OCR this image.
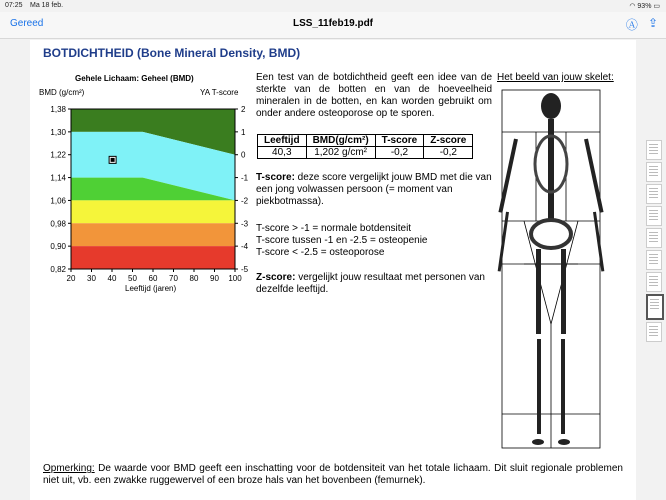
07:25 Ma 18 feb.	◠ 93% ▭
Gereed	LSS_11feb19.pdf	Ⓐ ⇪
BOTDICHTHEID (Bone Mineral Density, BMD)
Gehele Lichaam: Geheel (BMD)
BMD (g/cm²)	YA T-score
1,38	2
1,30	1
1,22	0
1,14	-1
1,06	-2
0,98	-3
0,90	-4
0,82	-5
20 30 40 50 60 70 80 90 100
Leeftijd (jaren)
Een test van de botdichtheid geeft een idee van de sterkte van de botten en van de hoeveelheid mineralen in de botten, en kan worden gebruikt om onder andere osteoporose op te sporen.
Het beeld van jouw skelet:
Leeftijd	BMD(g/cm²)	T-score	Z-score
40,3	1,202 g/cm²	-0,2	-0,2
T-score: deze score vergelijkt jouw BMD met die van een jong volwassen persoon (= moment van piekbotmassa).
T-score > -1 = normale botdensiteit
T-score tussen -1 en -2.5 = osteopenie
T-score < -2.5 = osteoporose
Z-score: vergelijkt jouw resultaat met personen van dezelfde leeftijd.
Opmerking: De waarde voor BMD geeft een inschatting voor de botdensiteit van het totale lichaam. Dit sluit regionale problemen niet uit, vb. een zwakke ruggewervel of een broze hals van het bovenbeen (femurnek).
